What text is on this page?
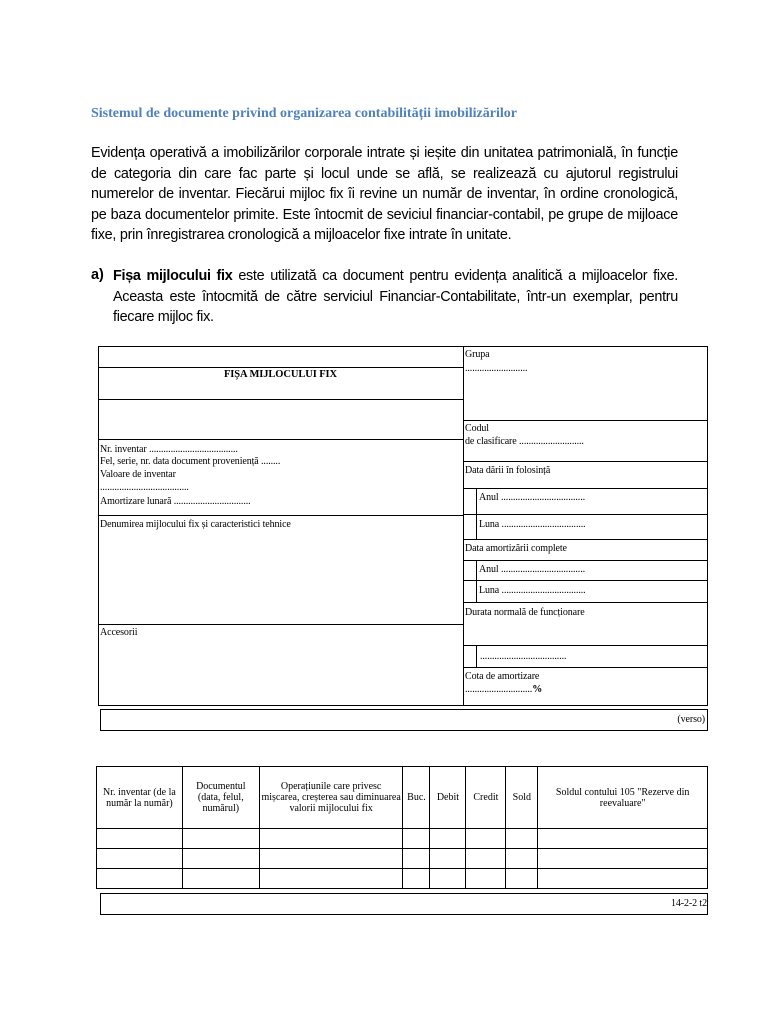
Sistemul de documente privind organizarea contabilității imobilizărilor
Evidența operativă a imobilizărilor corporale intrate și ieșite din unitatea patrimonială, în funcție de categoria din care fac parte și locul unde se află, se realizează cu ajutorul registrului numerelor de inventar. Fiecărui mijloc fix îi revine un număr de inventar, în ordine cronologică, pe baza documentelor primite. Este întocmit de seviciul financiar-contabil, pe grupe de mijloace fixe, prin înregistrarea cronologică a mijloacelor fixe intrate în unitate.
a) Fișa mijlocului fix este utilizată ca document pentru evidența analitică a mijloacelor fixe. Aceasta este întocmită de către serviciul Financiar-Contabilitate, într-un exemplar, pentru fiecare mijloc fix.
FIȘA MIJLOCULUI FIX
Nr. inventar .....................................
Fel, serie, nr. data document proveniență ........
Valoare de inventar
.....................................
Amortizare lunară ................................
Denumirea mijlocului fix și caracteristici tehnice
Accesorii
Grupa
..........................
Codul
de clasificare ...........................
Data dării în folosință
Anul ...................................
Luna ...................................
Data amortizării complete
Anul ...................................
Luna ...................................
Durata normală de funcționare
....................................
Cota de amortizare
............................%
(verso)
Nr. inventar (de la număr la număr)	Documentul (data, felul, numărul)	Operațiunile care privesc mișcarea, creșterea sau diminuarea valorii mijlocului fix	Buc.	Debit	Credit	Sold	Soldul contului 105 "Rezerve din reevaluare"

14-2-2 t2
